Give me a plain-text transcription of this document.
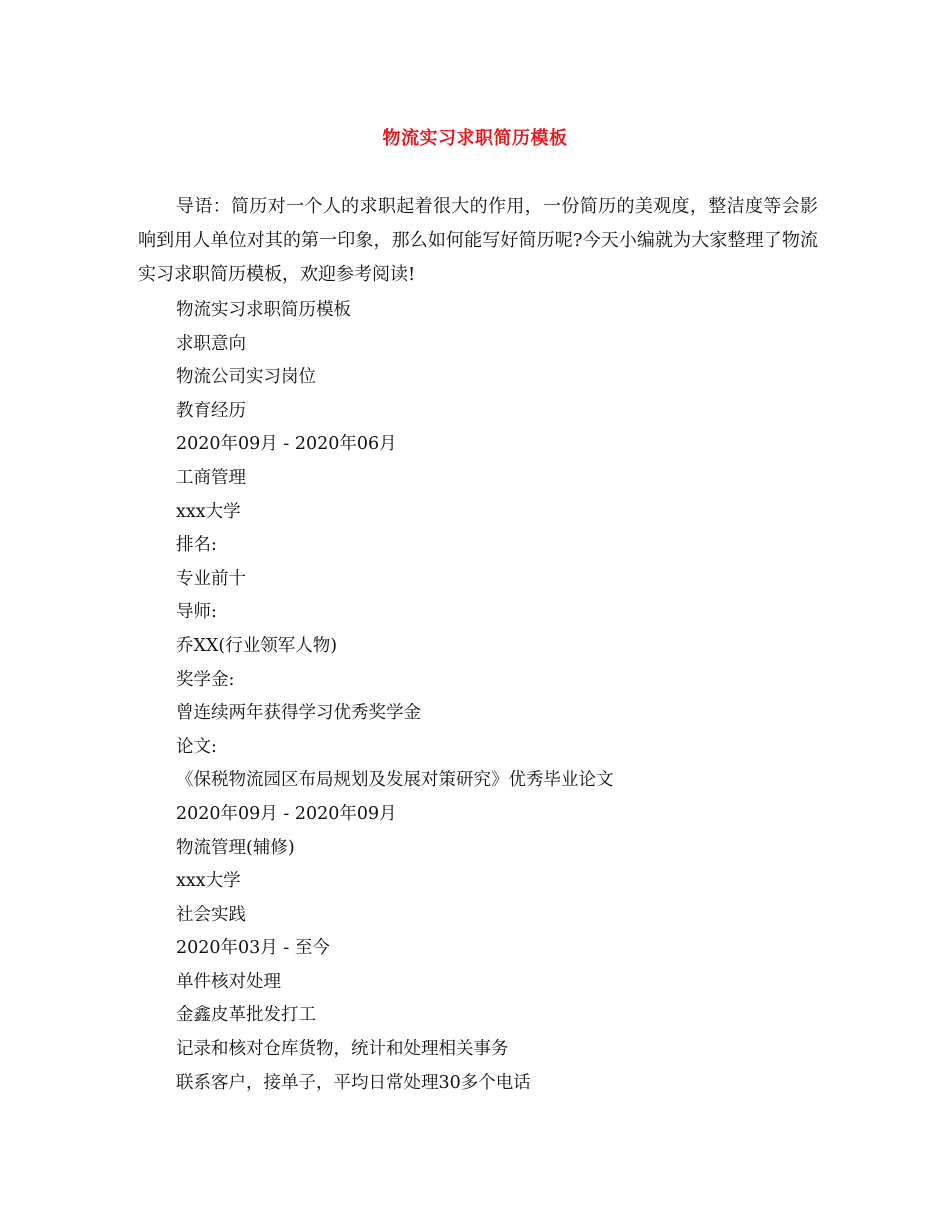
物流实习求职简历模板

导语：简历对一个人的求职起着很大的作用，一份简历的美观度，整洁度等会影响到用人单位对其的第一印象，那么如何能写好简历呢?今天小编就为大家整理了物流实习求职简历模板，欢迎参考阅读!

物流实习求职简历模板
求职意向
物流公司实习岗位
教育经历
2020年09月 - 2020年06月
工商管理
xxx大学
排名:
专业前十
导师:
乔XX(行业领军人物)
奖学金:
曾连续两年获得学习优秀奖学金
论文:
《保税物流园区布局规划及发展对策研究》优秀毕业论文
2020年09月 - 2020年09月
物流管理(辅修)
xxx大学
社会实践
2020年03月 - 至今
单件核对处理
金鑫皮革批发打工
记录和核对仓库货物，统计和处理相关事务
联系客户，接单子，平均日常处理30多个电话
